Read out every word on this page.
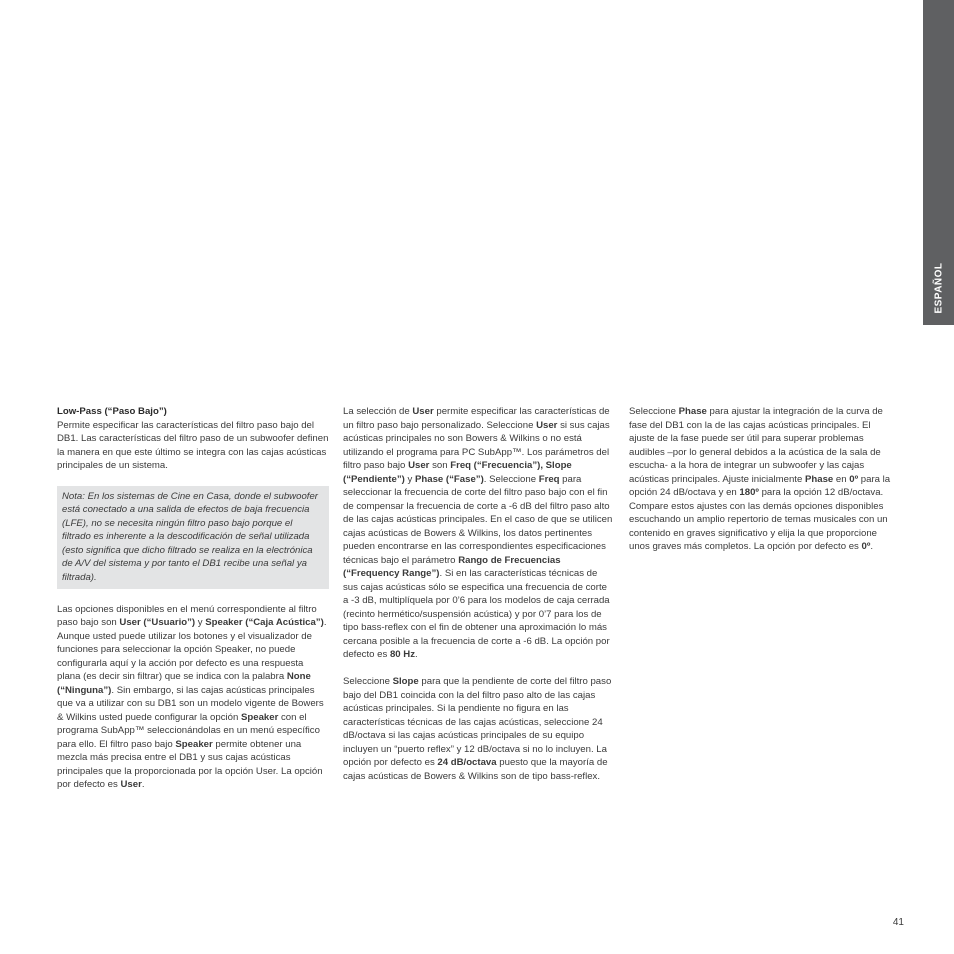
ESPAÑOL

Low-Pass (“Paso Bajo”)

Permite especificar las características del filtro paso bajo del DB1. Las características del filtro paso de un subwoofer definen la manera en que este último se integra con las cajas acústicas principales de un sistema.

Nota: En los sistemas de Cine en Casa, donde el subwoofer está conectado a una salida de efectos de baja frecuencia (LFE), no se necesita ningún filtro paso bajo porque el filtrado es inherente a la descodificación de señal utilizada (esto significa que dicho filtrado se realiza en la electrónica de A/V del sistema y por tanto el DB1 recibe una señal ya filtrada).

Las opciones disponibles en el menú correspondiente al filtro paso bajo son User (“Usuario”) y Speaker (“Caja Acústica”). Aunque usted puede utilizar los botones y el visualizador de funciones para seleccionar la opción Speaker, no puede configurarla aquí y la acción por defecto es una respuesta plana (es decir sin filtrar) que se indica con la palabra None (“Ninguna”). Sin embargo, si las cajas acústicas principales que va a utilizar con su DB1 son un modelo vigente de Bowers & Wilkins usted puede configurar la opción Speaker con el programa SubApp™ seleccionándolas en un menú específico para ello. El filtro paso bajo Speaker permite obtener una mezcla más precisa entre el DB1 y sus cajas acústicas principales que la proporcionada por la opción User. La opción por defecto es User.

La selección de User permite especificar las características de un filtro paso bajo personalizado. Seleccione User si sus cajas acústicas principales no son Bowers & Wilkins o no está utilizando el programa para PC SubApp™. Los parámetros del filtro paso bajo User son Freq (“Frecuencia”), Slope (“Pendiente”) y Phase (“Fase”). Seleccione Freq para seleccionar la frecuencia de corte del filtro paso bajo con el fin de compensar la frecuencia de corte a -6 dB del filtro paso alto de las cajas acústicas principales. En el caso de que se utilicen cajas acústicas de Bowers & Wilkins, los datos pertinentes pueden encontrarse en las correspondientes especificaciones técnicas bajo el parámetro Rango de Frecuencias (“Frequency Range”). Si en las características técnicas de sus cajas acústicas sólo se especifica una frecuencia de corte a -3 dB, multiplíquela por 0’6 para los modelos de caja cerrada (recinto hermético/suspensión acústica) y por 0’7 para los de tipo bass-reflex con el fin de obtener una aproximación lo más cercana posible a la frecuencia de corte a -6 dB. La opción por defecto es 80 Hz.

Seleccione Slope para que la pendiente de corte del filtro paso bajo del DB1 coincida con la del filtro paso alto de las cajas acústicas principales. Si la pendiente no figura en las características técnicas de las cajas acústicas, seleccione 24 dB/octava si las cajas acústicas principales de su equipo incluyen un “puerto reflex” y 12 dB/octava si no lo incluyen. La opción por defecto es 24 dB/octava puesto que la mayoría de cajas acústicas de Bowers & Wilkins son de tipo bass-reflex.

Seleccione Phase para ajustar la integración de la curva de fase del DB1 con la de las cajas acústicas principales. El ajuste de la fase puede ser útil para superar problemas audibles –por lo general debidos a la acústica de la sala de escucha- a la hora de integrar un subwoofer y las cajas acústicas principales. Ajuste inicialmente Phase en 0º para la opción 24 dB/octava y en 180º para la opción 12 dB/octava. Compare estos ajustes con las demás opciones disponibles escuchando un amplio repertorio de temas musicales con un contenido en graves significativo y elija la que proporcione unos graves más completos. La opción por defecto es 0º.

41
